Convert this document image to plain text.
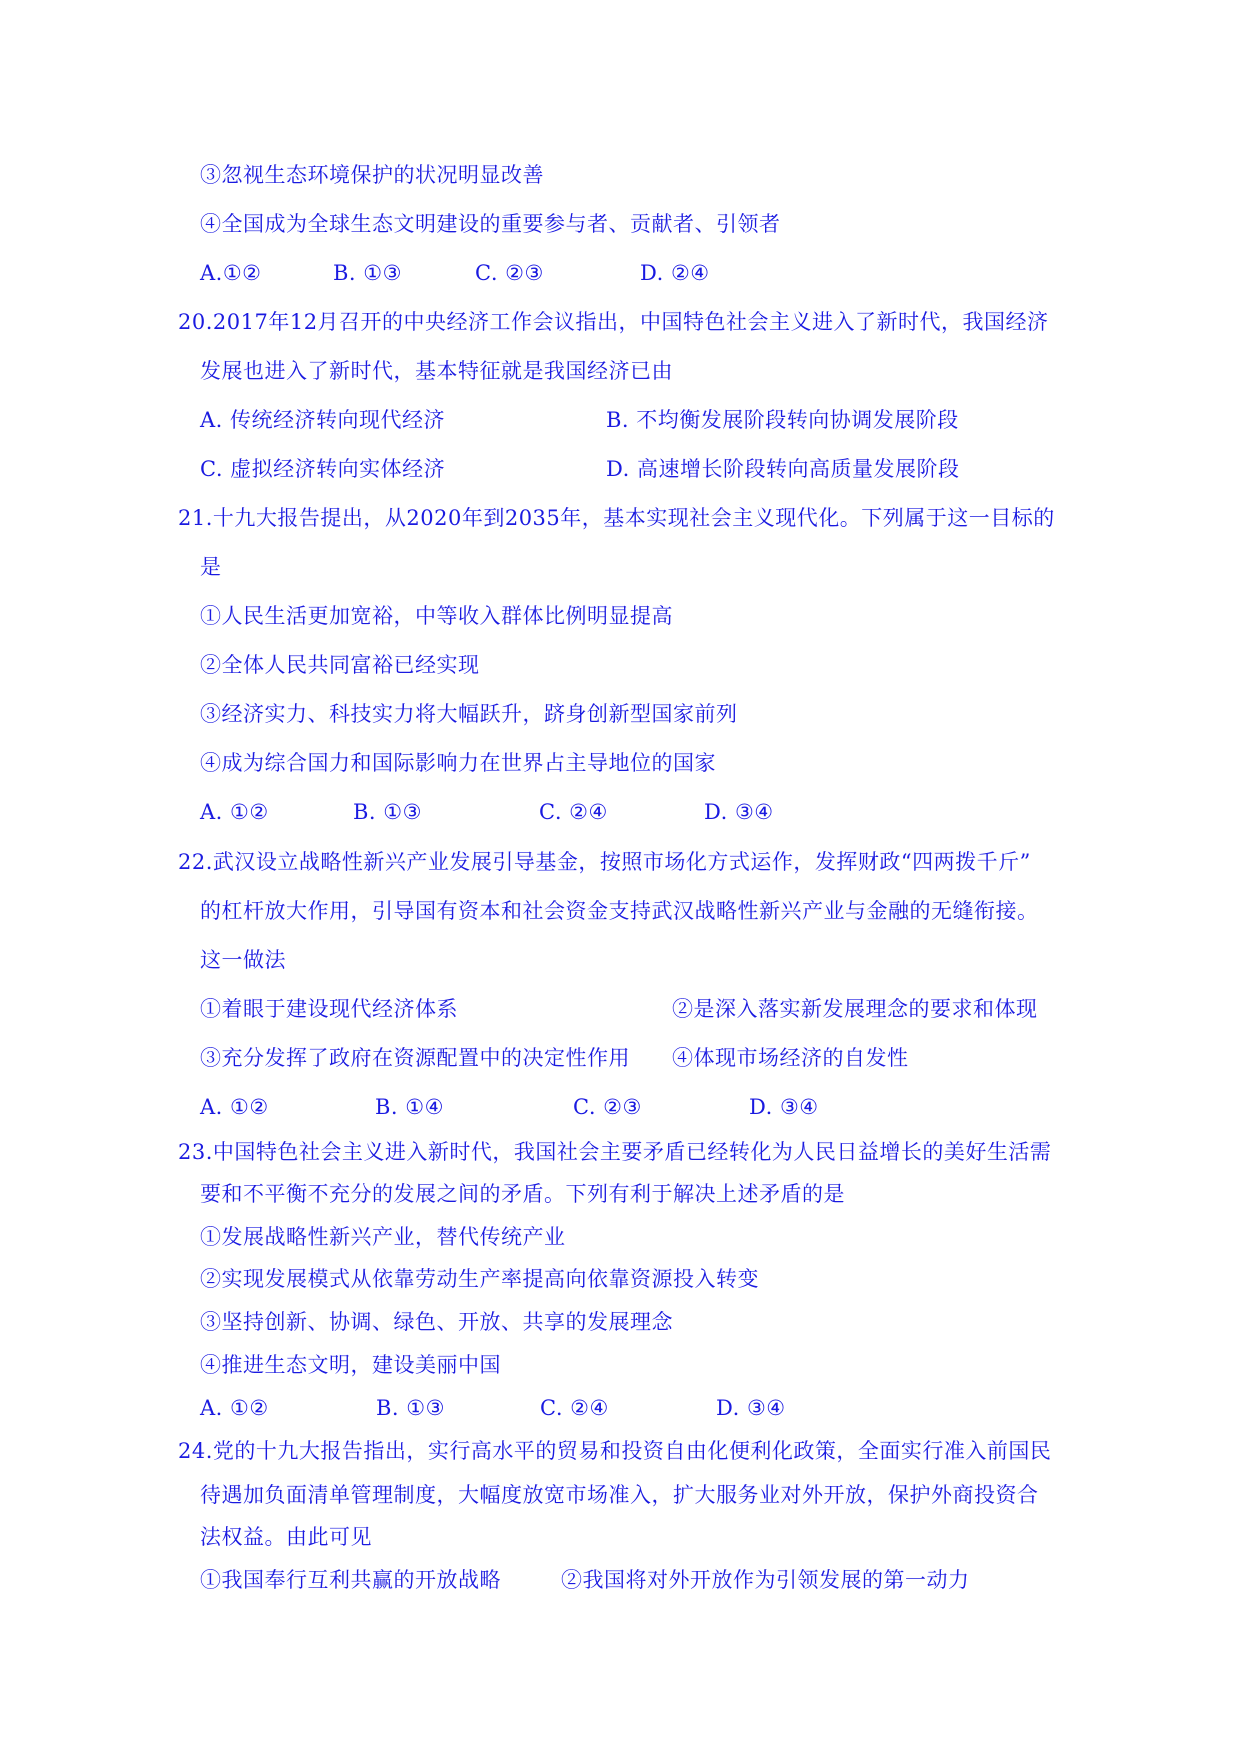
③忽视生态环境保护的状况明显改善
④全国成为全球生态文明建设的重要参与者、贡献者、引领者
A.①②	B. ①③	C. ②③	D. ②④
20.2017年12月召开的中央经济工作会议指出，中国特色社会主义进入了新时代，我国经济
发展也进入了新时代，基本特征就是我国经济已由
A. 传统经济转向现代经济	B. 不均衡发展阶段转向协调发展阶段
C. 虚拟经济转向实体经济	D. 高速增长阶段转向高质量发展阶段
21.十九大报告提出，从2020年到2035年，基本实现社会主义现代化。下列属于这一目标的
是
①人民生活更加宽裕，中等收入群体比例明显提高
②全体人民共同富裕已经实现
③经济实力、科技实力将大幅跃升，跻身创新型国家前列
④成为综合国力和国际影响力在世界占主导地位的国家
A. ①②	B. ①③	C. ②④	D. ③④
22.武汉设立战略性新兴产业发展引导基金，按照市场化方式运作，发挥财政“四两拨千斤”
的杠杆放大作用，引导国有资本和社会资金支持武汉战略性新兴产业与金融的无缝衔接。
这一做法
①着眼于建设现代经济体系	②是深入落实新发展理念的要求和体现
③充分发挥了政府在资源配置中的决定性作用 ④体现市场经济的自发性
A. ①②	B. ①④	C. ②③	D. ③④
23.中国特色社会主义进入新时代，我国社会主要矛盾已经转化为人民日益增长的美好生活需
要和不平衡不充分的发展之间的矛盾。下列有利于解决上述矛盾的是
①发展战略性新兴产业，替代传统产业
②实现发展模式从依靠劳动生产率提高向依靠资源投入转变
③坚持创新、协调、绿色、开放、共享的发展理念
④推进生态文明，建设美丽中国
A. ①②	B. ①③	C. ②④	D. ③④
24.党的十九大报告指出，实行高水平的贸易和投资自由化便利化政策，全面实行准入前国民
待遇加负面清单管理制度，大幅度放宽市场准入，扩大服务业对外开放，保护外商投资合
法权益。由此可见
①我国奉行互利共赢的开放战略	②我国将对外开放作为引领发展的第一动力
